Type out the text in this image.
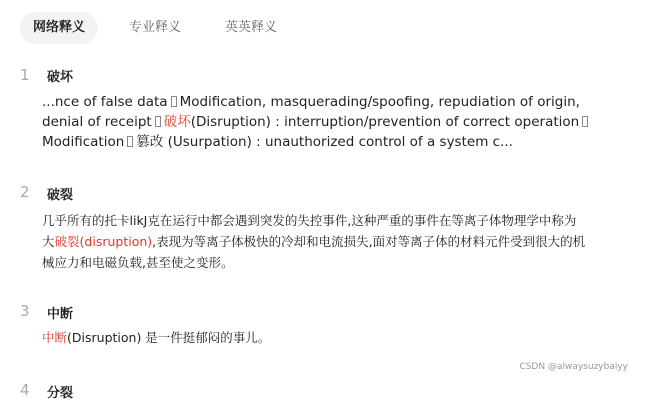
网络释义	专业释义	英英释义
1 破坏

...nce of false data Modification, masquerading/spoofing, repudiation of origin,

denial of receipt 破坏(Disruption) : interruption/prevention of correct operation

Modification 篡改 (Usurpation) : unauthorized control of a system c...

2 破裂

几乎所有的托卡likJ克在运行中都会遇到突发的失控事件,这种严重的事件在等离子体物理学中称为

大破裂(disruption),表现为等离子体极快的冷却和电流损失,面对等离子体的材料元件受到很大的机

械应力和电磁负载,甚至使之变形。

3 中断

中断(Disruption) 是一件挺郁闷的事儿。

4 分裂
CSDN @alwaysuzybaiyy
